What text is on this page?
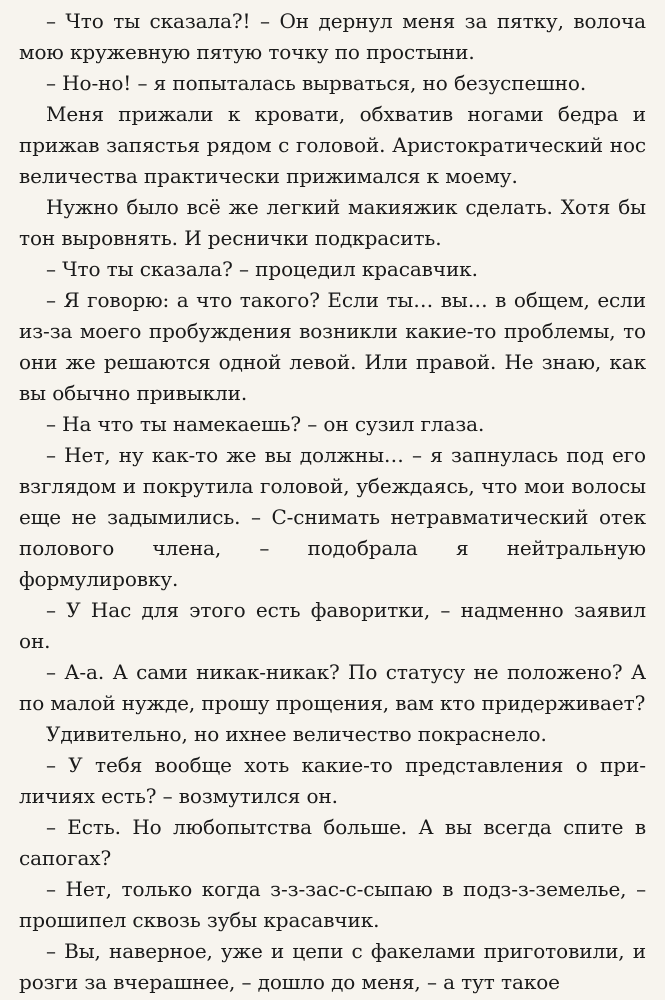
– Что ты сказала?! – Он дернул меня за пятку, волоча мою кружевную пятую точку по простыни.

– Но-но! – я попыталась вырваться, но безуспешно.

Меня прижали к кровати, обхватив ногами бедра и прижав запястья рядом с головой. Аристократический нос величества практически прижимался к моему.

Нужно было всё же легкий макияжик сделать. Хотя бы тон выровнять. И реснички подкрасить.

– Что ты сказала? – процедил красавчик.

– Я говорю: а что такого? Если ты… вы… в общем, если из-за моего пробуждения возникли какие-то проблемы, то они же решаются одной левой. Или правой. Не знаю, как вы обычно привыкли.

– На что ты намекаешь? – он сузил глаза.

– Нет, ну как-то же вы должны… – я запнулась под его взглядом и покрутила головой, убеждаясь, что мои волосы еще не задымились. – С-снимать нетравматический отек полового члена, – подобрала я нейтральную формулировку.

– У Нас для этого есть фаворитки, – надменно заявил он.

– А-а. А сами никак-никак? По статусу не положено? А по малой нужде, прошу прощения, вам кто придерживает?

Удивительно, но ихнее величество покраснело.

– У тебя вообще хоть какие-то представления о приличиях есть? – возмутился он.

– Есть. Но любопытства больше. А вы всегда спите в сапогах?

– Нет, только когда з-з-зас-с-сыпаю в подз-з-земелье, – прошипел сквозь зубы красавчик.

– Вы, наверное, уже и цепи с факелами приготовили, и розги за вчерашнее, – дошло до меня, – а тут такое
